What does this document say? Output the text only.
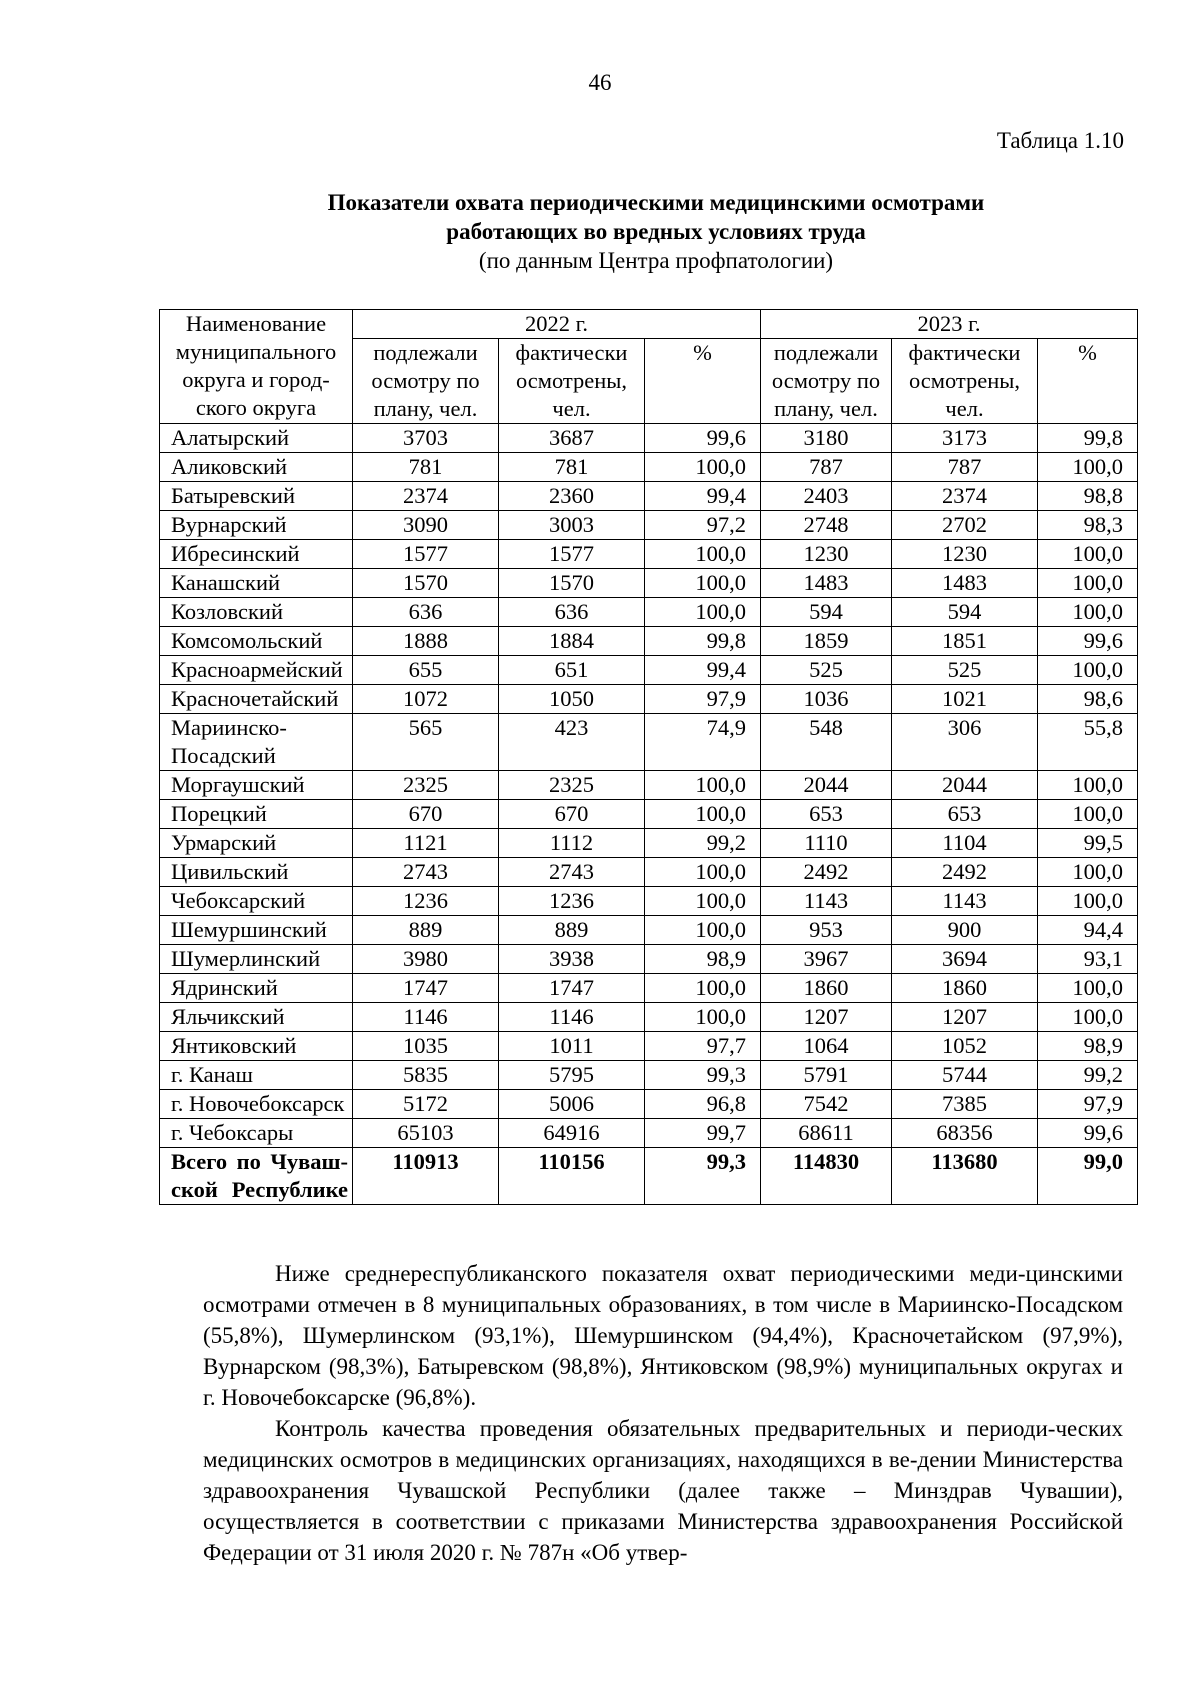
46
Таблица 1.10
Показатели охвата периодическими медицинскими осмотрами
работающих во вредных условиях труда
(по данным Центра профпатологии)
Наименование муниципального округа и город-ского округа	2022 г.			2023 г.		
	подлежали осмотру по плану, чел.	фактически осмотрены, чел.	%	подлежали осмотру по плану, чел.	фактически осмотрены, чел.	%
Алатырский	3703	3687	99,6	3180	3173	99,8
Аликовский	781	781	100,0	787	787	100,0
Батыревский	2374	2360	99,4	2403	2374	98,8
Вурнарский	3090	3003	97,2	2748	2702	98,3
Ибресинский	1577	1577	100,0	1230	1230	100,0
Канашский	1570	1570	100,0	1483	1483	100,0
Козловский	636	636	100,0	594	594	100,0
Комсомольский	1888	1884	99,8	1859	1851	99,6
Красноармейский	655	651	99,4	525	525	100,0
Красночетайский	1072	1050	97,9	1036	1021	98,6
Мариинско-Посадский	565	423	74,9	548	306	55,8
Моргаушский	2325	2325	100,0	2044	2044	100,0
Порецкий	670	670	100,0	653	653	100,0
Урмарский	1121	1112	99,2	1110	1104	99,5
Цивильский	2743	2743	100,0	2492	2492	100,0
Чебоксарский	1236	1236	100,0	1143	1143	100,0
Шемуршинский	889	889	100,0	953	900	94,4
Шумерлинский	3980	3938	98,9	3967	3694	93,1
Ядринский	1747	1747	100,0	1860	1860	100,0
Яльчикский	1146	1146	100,0	1207	1207	100,0
Янтиковский	1035	1011	97,7	1064	1052	98,9
г. Канаш	5835	5795	99,3	5791	5744	99,2
г. Новочебоксарск	5172	5006	96,8	7542	7385	97,9
г. Чебоксары	65103	64916	99,7	68611	68356	99,6
Всего по Чуваш-ской Республике	110913	110156	99,3	114830	113680	99,0

Ниже среднереспубликанского показателя охват периодическими меди-цинскими осмотрами отмечен в 8 муниципальных образованиях, в том числе в Мариинско-Посадском (55,8%), Шумерлинском (93,1%), Шемуршинском (94,4%), Красночетайском (97,9%), Вурнарском (98,3%), Батыревском (98,8%), Янтиковском (98,9%) муниципальных округах и г. Новочебоксарске (96,8%).

Контроль качества проведения обязательных предварительных и периоди-ческих медицинских осмотров в медицинских организациях, находящихся в ве-дении Министерства здравоохранения Чувашской Республики (далее также – Минздрав Чувашии), осуществляется в соответствии с приказами Министерства здравоохранения Российской Федерации от 31 июля 2020 г. № 787н «Об утвер-
